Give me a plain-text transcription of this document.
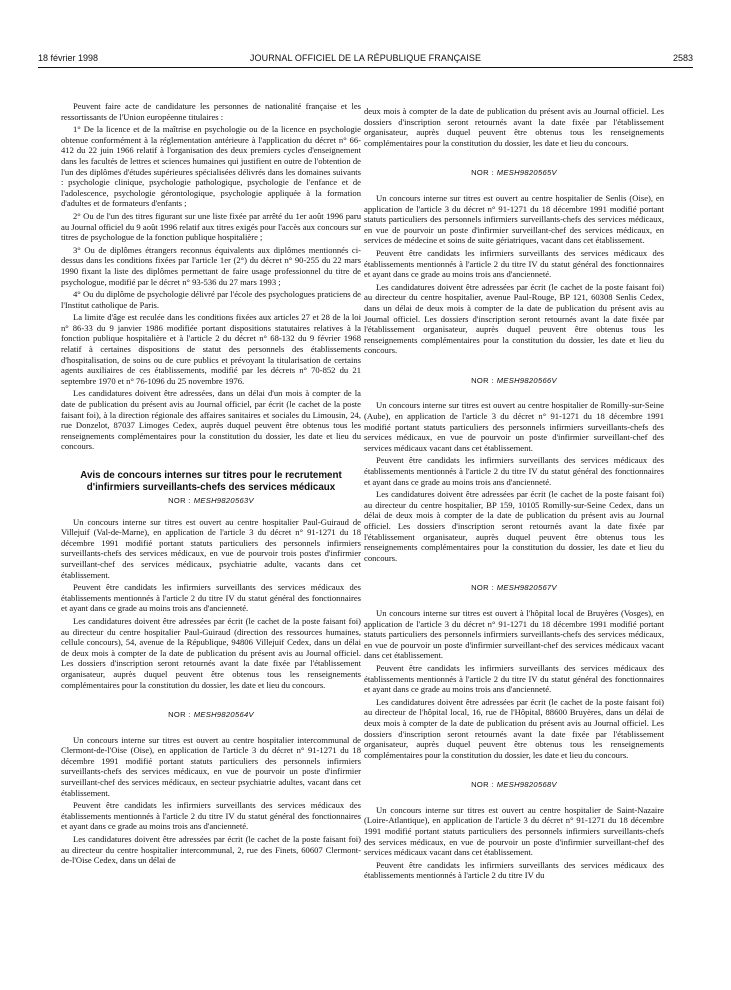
18 février 1998	JOURNAL OFFICIEL DE LA RÉPUBLIQUE FRANÇAISE	2583

Peuvent faire acte de candidature les personnes de nationalité française et les ressortissants de l'Union européenne titulaires :

1° De la licence et de la maîtrise en psychologie ou de la licence en psychologie obtenue conformément à la réglementation antérieure à l'application du décret n° 66-412 du 22 juin 1966 relatif à l'organisation des deux premiers cycles d'enseignement dans les facultés de lettres et sciences humaines qui justifient en outre de l'obtention de l'un des diplômes d'études supérieures spécialisées délivrés dans les domaines suivants : psychologie clinique, psychologie pathologique, psychologie de l'enfance et de l'adolescence, psychologie gérontologique, psychologie appliquée à la formation d'adultes et de formateurs d'enfants ;

2° Ou de l'un des titres figurant sur une liste fixée par arrêté du 1er août 1996 paru au Journal officiel du 9 août 1996 relatif aux titres exigés pour l'accès aux concours sur titres de psychologue de la fonction publique hospitalière ;

3° Ou de diplômes étrangers reconnus équivalents aux diplômes mentionnés ci-dessus dans les conditions fixées par l'article 1er (2°) du décret n° 90-255 du 22 mars 1990 fixant la liste des diplômes permettant de faire usage professionnel du titre de psychologue, modifié par le décret n° 93-536 du 27 mars 1993 ;

4° Ou du diplôme de psychologie délivré par l'école des psychologues praticiens de l'Institut catholique de Paris.

La limite d'âge est reculée dans les conditions fixées aux articles 27 et 28 de la loi n° 86-33 du 9 janvier 1986 modifiée portant dispositions statutaires relatives à la fonction publique hospitalière et à l'article 2 du décret n° 68-132 du 9 février 1968 relatif à certaines dispositions de statut des personnels des établissements d'hospitalisation, de soins ou de cure publics et prévoyant la titularisation de certains agents auxiliaires de ces établissements, modifié par les décrets n° 70-852 du 21 septembre 1970 et n° 76-1096 du 25 novembre 1976.

Les candidatures doivent être adressées, dans un délai d'un mois à compter de la date de publication du présent avis au Journal officiel, par écrit (le cachet de la poste faisant foi), à la direction régionale des affaires sanitaires et sociales du Limousin, 24, rue Donzelot, 87037 Limoges Cedex, auprès duquel peuvent être obtenus tous les renseignements complémentaires pour la constitution du dossier, les date et lieu du concours.

Avis de concours internes sur titres pour le recrutement d'infirmiers surveillants-chefs des services médicaux
NOR : MESH9820563V

Un concours interne sur titres est ouvert au centre hospitalier Paul-Guiraud de Villejuif (Val-de-Marne), en application de l'article 3 du décret n° 91-1271 du 18 décembre 1991 modifié portant statuts particuliers des personnels infirmiers surveillants-chefs des services médicaux, en vue de pourvoir trois postes d'infirmier surveillant-chef des services médicaux, psychiatrie adulte, vacants dans cet établissement.

Peuvent être candidats les infirmiers surveillants des services médicaux des établissements mentionnés à l'article 2 du titre IV du statut général des fonctionnaires et ayant dans ce grade au moins trois ans d'ancienneté.

Les candidatures doivent être adressées par écrit (le cachet de la poste faisant foi) au directeur du centre hospitalier Paul-Guiraud (direction des ressources humaines, cellule concours), 54, avenue de la République, 94806 Villejuif Cedex, dans un délai de deux mois à compter de la date de publication du présent avis au Journal officiel. Les dossiers d'inscription seront retournés avant la date fixée par l'établissement organisateur, auprès duquel peuvent être obtenus tous les renseignements complémentaires pour la constitution du dossier, les date et lieu du concours.

NOR : MESH9820564V

Un concours interne sur titres est ouvert au centre hospitalier intercommunal de Clermont-de-l'Oise (Oise), en application de l'article 3 du décret n° 91-1271 du 18 décembre 1991 modifié portant statuts particuliers des personnels infirmiers surveillants-chefs des services médicaux, en vue de pourvoir un poste d'infirmier surveillant-chef des services médicaux, en secteur psychiatrie adultes, vacant dans cet établissement.

Peuvent être candidats les infirmiers surveillants des services médicaux des établissements mentionnés à l'article 2 du titre IV du statut général des fonctionnaires et ayant dans ce grade au moins trois ans d'ancienneté.

Les candidatures doivent être adressées par écrit (le cachet de la poste faisant foi) au directeur du centre hospitalier intercommunal, 2, rue des Finets, 60607 Clermont-de-l'Oise Cedex, dans un délai de

deux mois à compter de la date de publication du présent avis au Journal officiel. Les dossiers d'inscription seront retournés avant la date fixée par l'établissement organisateur, auprès duquel peuvent être obtenus tous les renseignements complémentaires pour la constitution du dossier, les date et lieu du concours.

NOR : MESH9820565V

Un concours interne sur titres est ouvert au centre hospitalier de Senlis (Oise), en application de l'article 3 du décret n° 91-1271 du 18 décembre 1991 modifié portant statuts particuliers des personnels infirmiers surveillants-chefs des services médicaux, en vue de pourvoir un poste d'infirmier surveillant-chef des services médicaux, en services de médecine et soins de suite gériatriques, vacant dans cet établissement.

Peuvent être candidats les infirmiers surveillants des services médicaux des établissements mentionnés à l'article 2 du titre IV du statut général des fonctionnaires et ayant dans ce grade au moins trois ans d'ancienneté.

Les candidatures doivent être adressées par écrit (le cachet de la poste faisant foi) au directeur du centre hospitalier, avenue Paul-Rouge, BP 121, 60308 Senlis Cedex, dans un délai de deux mois à compter de la date de publication du présent avis au Journal officiel. Les dossiers d'inscription seront retournés avant la date fixée par l'établissement organisateur, auprès duquel peuvent être obtenus tous les renseignements complémentaires pour la constitution du dossier, les date et lieu du concours.

NOR : MESH9820566V

Un concours interne sur titres est ouvert au centre hospitalier de Romilly-sur-Seine (Aube), en application de l'article 3 du décret n° 91-1271 du 18 décembre 1991 modifié portant statuts particuliers des personnels infirmiers surveillants-chefs des services médicaux, en vue de pourvoir un poste d'infirmier surveillant-chef des services médicaux vacant dans cet établissement.

Peuvent être candidats les infirmiers surveillants des services médicaux des établissements mentionnés à l'article 2 du titre IV du statut général des fonctionnaires et ayant dans ce grade au moins trois ans d'ancienneté.

Les candidatures doivent être adressées par écrit (le cachet de la poste faisant foi) au directeur du centre hospitalier, BP 159, 10105 Romilly-sur-Seine Cedex, dans un délai de deux mois à compter de la date de publication du présent avis au Journal officiel. Les dossiers d'inscription seront retournés avant la date fixée par l'établissement organisateur, auprès duquel peuvent être obtenus tous les renseignements complémentaires pour la constitution du dossier, les date et lieu du concours.

NOR : MESH9820567V

Un concours interne sur titres est ouvert à l'hôpital local de Bruyères (Vosges), en application de l'article 3 du décret n° 91-1271 du 18 décembre 1991 modifié portant statuts particuliers des personnels infirmiers surveillants-chefs des services médicaux, en vue de pourvoir un poste d'infirmier surveillant-chef des services médicaux vacant dans cet établissement.

Peuvent être candidats les infirmiers surveillants des services médicaux des établissements mentionnés à l'article 2 du titre IV du statut général des fonctionnaires et ayant dans ce grade au moins trois ans d'ancienneté.

Les candidatures doivent être adressées par écrit (le cachet de la poste faisant foi) au directeur de l'hôpital local, 16, rue de l'Hôpital, 88600 Bruyères, dans un délai de deux mois à compter de la date de publication du présent avis au Journal officiel. Les dossiers d'inscription seront retournés avant la date fixée par l'établissement organisateur, auprès duquel peuvent être obtenus tous les renseignements complémentaires pour la constitution du dossier, les date et lieu du concours.

NOR : MESH9820568V

Un concours interne sur titres est ouvert au centre hospitalier de Saint-Nazaire (Loire-Atlantique), en application de l'article 3 du décret n° 91-1271 du 18 décembre 1991 modifié portant statuts particuliers des personnels infirmiers surveillants-chefs des services médicaux, en vue de pourvoir un poste d'infirmier surveillant-chef des services médicaux vacant dans cet établissement.

Peuvent être candidats les infirmiers surveillants des services médicaux des établissements mentionnés à l'article 2 du titre IV du
